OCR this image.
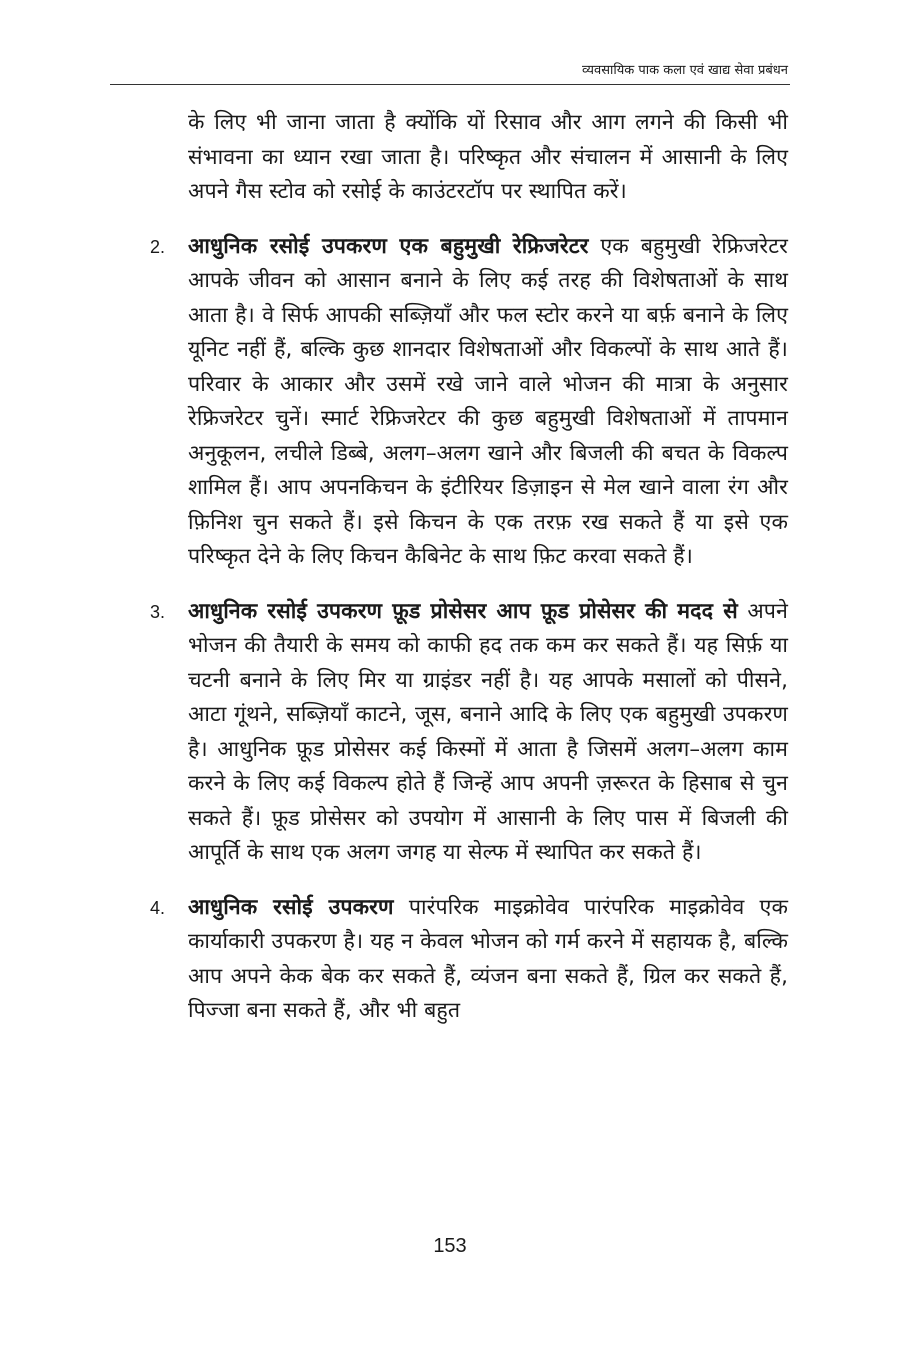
व्यवसायिक पाक कला एवं खाद्य सेवा प्रबंधन

के लिए भी जाना जाता है क्योंकि यों रिसाव और आग लगने की किसी भी संभावना का ध्यान रखा जाता है। परिष्कृत और संचालन में आसानी के लिए अपने गैस स्टोव को रसोई के काउंटरटॉप पर स्थापित करें।

2. आधुनिक रसोई उपकरण एक बहुमुखी रेफ्रिजरेटर एक बहुमुखी रेफ्रिजरेटर आपके जीवन को आसान बनाने के लिए कई तरह की विशेषताओं के साथ आता है। वे सिर्फ आपकी सब्ज़ियाँ और फल स्टोर करने या बर्फ़ बनाने के लिए यूनिट नहीं हैं, बल्कि कुछ शानदार विशेषताओं और विकल्पों के साथ आते हैं। परिवार के आकार और उसमें रखे जाने वाले भोजन की मात्रा के अनुसार रेफ्रिजरेटर चुनें। स्मार्ट रेफ्रिजरेटर की कुछ बहुमुखी विशेषताओं में तापमान अनुकूलन, लचीले डिब्बे, अलग–अलग खाने और बिजली की बचत के विकल्प शामिल हैं। आप अपनकिचन के इंटीरियर डिज़ाइन से मेल खाने वाला रंग और फ़िनिश चुन सकते हैं। इसे किचन के एक तरफ़ रख सकते हैं या इसे एक परिष्कृत देने के लिए किचन कैबिनेट के साथ फ़िट करवा सकते हैं।

3. आधुनिक रसोई उपकरण फ़ूड प्रोसेसर आप फ़ूड प्रोसेसर की मदद से अपने भोजन की तैयारी के समय को काफी हद तक कम कर सकते हैं। यह सिर्फ़ या चटनी बनाने के लिए मिर या ग्राइंडर नहीं है। यह आपके मसालों को पीसने, आटा गूंथने, सब्ज़ियाँ काटने, जूस, बनाने आदि के लिए एक बहुमुखी उपकरण है। आधुनिक फ़ूड प्रोसेसर कई किस्मों में आता है जिसमें अलग–अलग काम करने के लिए कई विकल्प होते हैं जिन्हें आप अपनी ज़रूरत के हिसाब से चुन सकते हैं। फ़ूड प्रोसेसर को उपयोग में आसानी के लिए पास में बिजली की आपूर्ति के साथ एक अलग जगह या सेल्फ में स्थापित कर सकते हैं।

4. आधुनिक रसोई उपकरण पारंपरिक माइक्रोवेव पारंपरिक माइक्रोवेव एक कार्याकारी उपकरण है। यह न केवल भोजन को गर्म करने में सहायक है, बल्कि आप अपने केक बेक कर सकते हैं, व्यंजन बना सकते हैं, ग्रिल कर सकते हैं, पिज्जा बना सकते हैं, और भी बहुत

153
